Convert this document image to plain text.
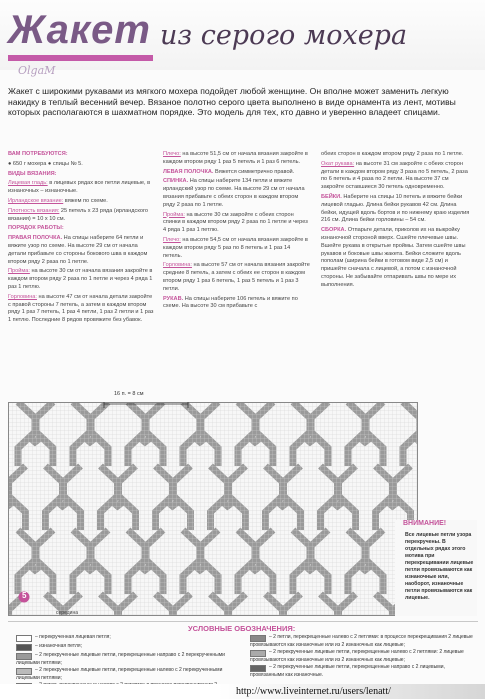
Жакет из серого мохера
OlgaM
Жакет с широкими рукавами из мягкого мохера подойдет любой женщине. Он вполне может заменить легкую накидку в теплый весенний вечер. Вязаное полотно серого цвета выполнено в виде орнамента из лент, мотивы которых располагаются в шахматном порядке. Это модель для тех, кто давно и уверенно владеет спицами.

ВАМ ПОТРЕБУЮТСЯ:

● 650 г мохера ● спицы № 5.

ВИДЫ ВЯЗАНИЯ:

Лицевая гладь: в лицевых рядах все петли лицевые, в изнаночных – изнаночные.

Ирландское вязание: вяжем по схеме.

Плотность вязания: 25 петель х 23 ряда (ирландского вязания) = 10 х 10 см.

ПОРЯДОК РАБОТЫ:

ПРАВАЯ ПОЛОЧКА. На спицы наберите 64 петли и вяжите узор по схеме. На высоте 29 см от начала детали прибавьте со стороны бокового шва в каждом втором ряду 2 раза по 1 петле.

Пройма: на высоте 30 см от начала вязания закройте в каждом втором ряду 2 раза по 1 петле и через 4 ряда 1 раз 1 петлю.

Горловина: на высоте 47 см от начала детали закройте с правой стороны 7 петель, а затем в каждом втором ряду 1 раз 7 петель, 1 раз 4 петли, 1 раз 2 петли и 1 раз 1 петлю. Последние 8 рядов провяжите без убавок.

Плечо: на высоте 51,5 см от начала вязания закройте в каждом втором ряду 1 раз 5 петель и 1 раз 6 петель.

ЛЕВАЯ ПОЛОЧКА. Вяжется симметрично правой.

СПИНКА. На спицы наберите 134 петли и вяжите ирландский узор по схеме. На высоте 29 см от начала вязания прибавьте с обеих сторон в каждом втором ряду 2 раза по 1 петле.

Пройма: на высоте 30 см закройте с обеих сторон спинки в каждом втором ряду 2 раза по 1 петле и через 4 ряда 1 раз 1 петлю.

Плечо: на высоте 54,5 см от начала вязания закройте в каждом втором ряду 5 раз по 8 петель и 1 раз 14 петель.

Горловина: на высоте 57 см от начала вязания закройте средние 8 петель, а затем с обеих ее сторон в каждом втором ряду 1 раз 6 петель, 1 раз 5 петель и 1 раз 3 петли.

РУКАВ. На спицы наберите 106 петель и вяжите по схеме. На высоте 30 см прибавьте с

обеих сторон в каждом втором ряду 2 раза по 1 петле.

Окат рукава: на высоте 31 см закройте с обеих сторон детали в каждом втором ряду 3 раза по 5 петель, 2 раза по 6 петель и 4 раза по 2 петли. На высоте 37 см закройте оставшиеся 30 петель одновременно.

БЕЙКИ. Наберите на спицы 10 петель и вяжите бейки лицевой гладью. Длина бейки рукавов 42 см. Длина бейки, идущей вдоль бортов и по нижнему краю изделия 216 см. Длина бейки горловины – 54 см.

СБОРКА. Отпарьте детали, приколов их на выкройку изнаночной стороной вверх. Сшейте плечевые швы. Вшейте рукава в открытые проймы. Затем сшейте швы рукавов и боковые швы жакета. Бейки сложите вдоль пополам (ширина бейки в готовом виде 2,5 см) и пришейте сначала с лицевой, а потом с изнаночной стороны. Не забывайте отпаривать швы по мере их выполнения.

16 п. = 8 см
середина
ВНИМАНИЕ!
Все лицевые петли узора перекручены. В отдельных рядах этого мотива при перекрещивании лицевые петли провязываются как изнаночные или, наоборот, изнаночные петли провязываются как лицевые.
УСЛОВНЫЕ ОБОЗНАЧЕНИЯ:
– перекрученная лицевая петля;
– изнаночная петля;
– 2 перекрученные лицевые петли, перекрещенные направо с 2 перекрученными лицевыми петлями;
– 2 перекрученные лицевые петли, перекрещенные налево с 2 перекрученными лицевыми петлями;
– 2 петли, перекрещенные налево с 2 петлями: в процессе перекрещивания 2 лицевые провязываются как изнаночные или из 2 изнаночных как лицевые;
– 2 перекрученные лицевые петли, перекрещенные налево с 2 петлями: 2 лицевые провязываются как изнаночные или из 2 изнаночных как лицевые;
– 2 перекрученные лицевые петли, перекрещенные направо с 2 лицевыми, провязанными как изнаночные.
5
http://www.liveinternet.ru/users/lenatt/
